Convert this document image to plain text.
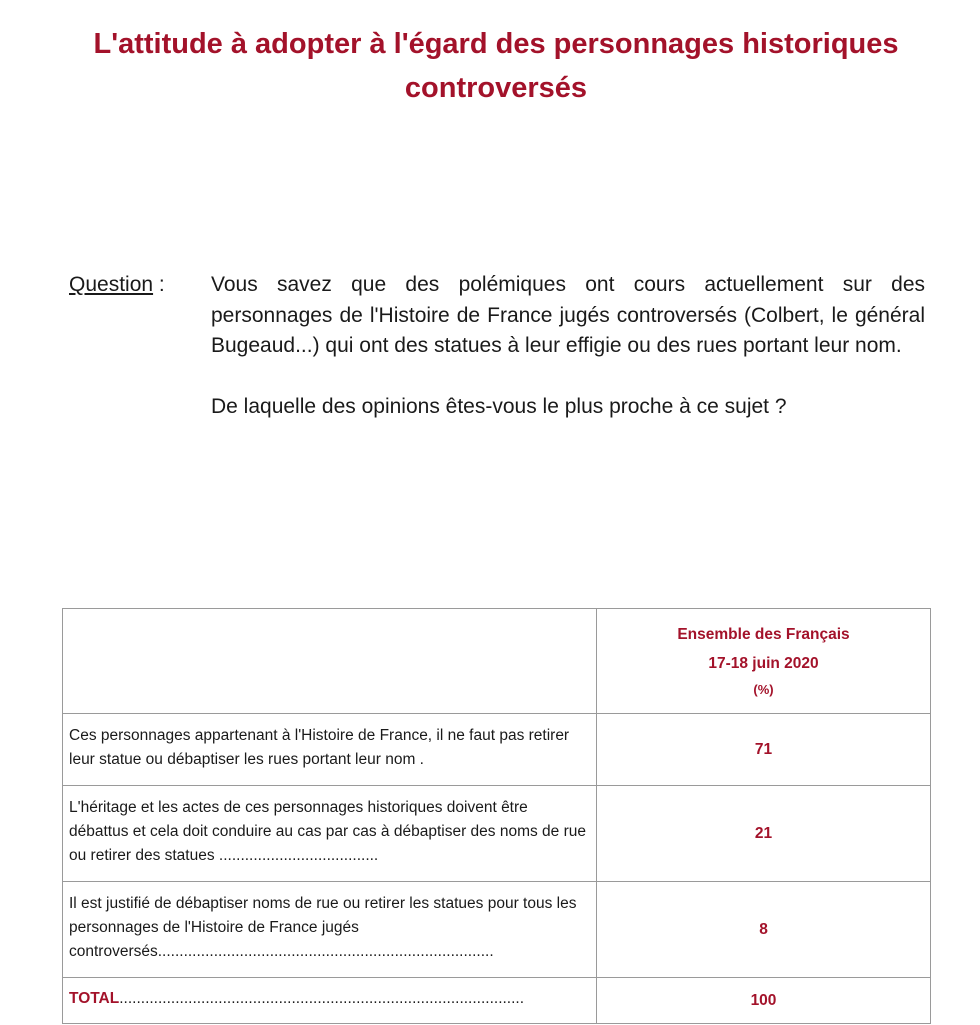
L'attitude à adopter à l'égard des personnages historiques
controversés
Question : Vous savez que des polémiques ont cours actuellement sur des personnages de l'Histoire de France jugés controversés (Colbert, le général Bugeaud...) qui ont des statues à leur effigie ou des rues portant leur nom.

De laquelle des opinions êtes-vous le plus proche à ce sujet ?

	Ensemble des Français
17-18 juin 2020
(%)

Ces personnages appartenant à l'Histoire de France, il ne faut pas retirer leur statue ou débaptiser les rues portant leur nom .	71
L'héritage et les actes de ces personnages historiques doivent être débattus et cela doit conduire au cas par cas à débaptiser des noms de rue ou retirer des statues .....................................	21
Il est justifié de débaptiser noms de rue ou retirer les statues pour tous les personnages de l'Histoire de France jugés controversés..............................................................................	8
TOTAL..............................................................................................	100
